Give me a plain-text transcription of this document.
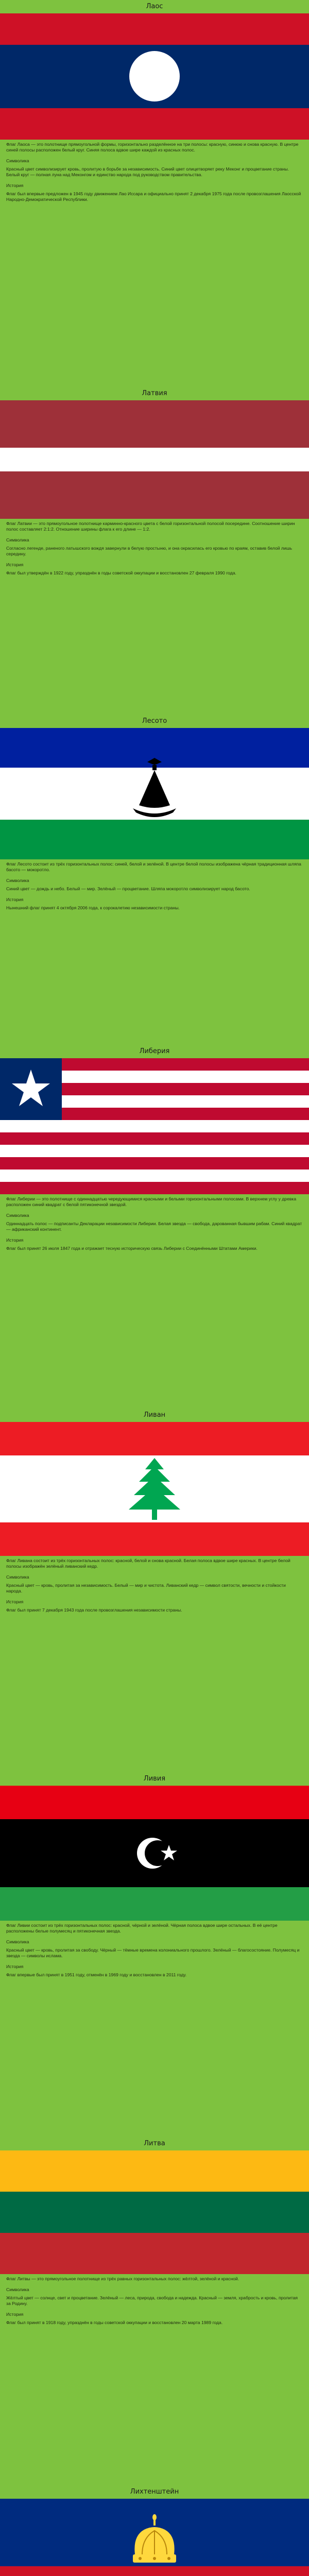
Лаос

Флаг Лаоса — это полотнище прямоугольной формы, горизонтально разделённое на три полосы: красную, синюю и снова красную. В центре синей полосы расположен белый круг. Синяя полоса вдвое шире каждой из красных полос.

Символика

Красный цвет символизирует кровь, пролитую в борьбе за независимость. Синий цвет олицетворяет реку Меконг и процветание страны. Белый круг — полная луна над Меконгом и единство народа под руководством правительства.

История

Флаг был впервые предложен в 1945 году движением Лао Иссара и официально принят 2 декабря 1975 года после провозглашения Лаосской Народно-Демократической Республики.

Латвия

Флаг Латвии — это прямоугольное полотнище карминно-красного цвета с белой горизонтальной полосой посередине. Соотношение ширин полос составляет 2:1:2. Отношение ширины флага к его длине — 1:2.

Символика

Согласно легенде, раненого латышского вождя завернули в белую простыню, и она окрасилась его кровью по краям, оставив белой лишь середину.

История

Флаг был утверждён в 1922 году, упразднён в годы советской оккупации и восстановлен 27 февраля 1990 года.

Лесото

Флаг Лесото состоит из трёх горизонтальных полос: синей, белой и зелёной. В центре белой полосы изображена чёрная традиционная шляпа басото — мокоротло.

Символика

Синий цвет — дождь и небо. Белый — мир. Зелёный — процветание. Шляпа мокоротло символизирует народ басото.

История

Нынешний флаг принят 4 октября 2006 года, к сорокалетию независимости страны.

Либерия

Флаг Либерии — это полотнище с одиннадцатью чередующимися красными и белыми горизонтальными полосами. В верхнем углу у древка расположен синий квадрат с белой пятиконечной звездой.

Символика

Одиннадцать полос — подписанты Декларации независимости Либерии. Белая звезда — свобода, дарованная бывшим рабам. Синий квадрат — африканский континент.

История

Флаг был принят 26 июля 1847 года и отражает тесную историческую связь Либерии с Соединёнными Штатами Америки.

Ливан

Флаг Ливана состоит из трёх горизонтальных полос: красной, белой и снова красной. Белая полоса вдвое шире красных. В центре белой полосы изображён зелёный ливанский кедр.

Символика

Красный цвет — кровь, пролитая за независимость. Белый — мир и чистота. Ливанский кедр — символ святости, вечности и стойкости народа.

История

Флаг был принят 7 декабря 1943 года после провозглашения независимости страны.

Ливия

Флаг Ливии состоит из трёх горизонтальных полос: красной, чёрной и зелёной. Чёрная полоса вдвое шире остальных. В её центре расположены белые полумесяц и пятиконечная звезда.

Символика

Красный цвет — кровь, пролитая за свободу. Чёрный — тёмные времена колониального прошлого. Зелёный — благосостояние. Полумесяц и звезда — символы ислама.

История

Флаг впервые был принят в 1951 году, отменён в 1969 году и восстановлен в 2011 году.

Литва

Флаг Литвы — это прямоугольное полотнище из трёх равных горизонтальных полос: жёлтой, зелёной и красной.

Символика

Жёлтый цвет — солнце, свет и процветание. Зелёный — леса, природа, свобода и надежда. Красный — земля, храбрость и кровь, пролитая за Родину.

История

Флаг был принят в 1918 году, упразднён в годы советской оккупации и восстановлен 20 марта 1989 года.

Лихтенштейн
